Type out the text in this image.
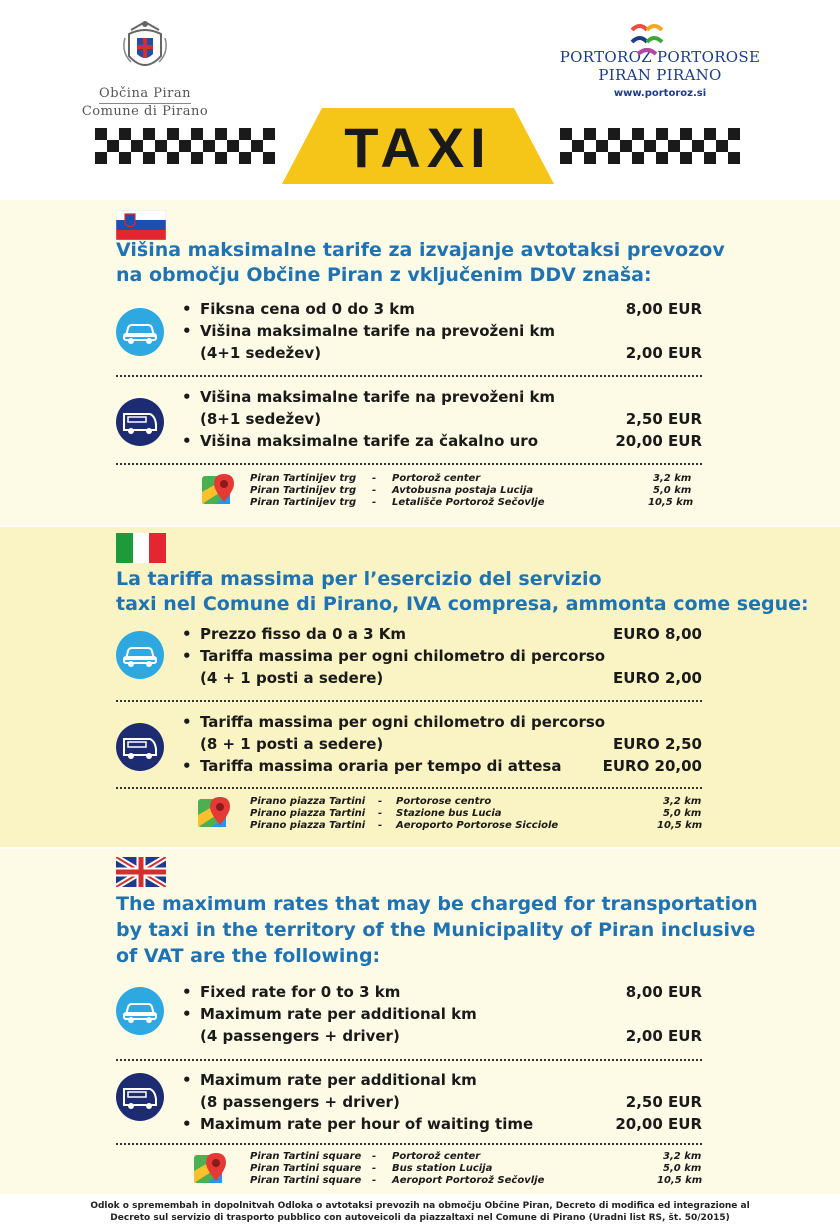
Občina Piran

Comune di Pirano
PORTOROŽ PORTOROSE
PIRAN PIRANO
www.portoroz.si
TAXI
Višina maksimalne tarife za izvajanje avtotaksi prevozov
na območju Občine Piran z vključenim DDV znaša:
• Fiksna cena od 0 do 3 km	8,00 EUR
• Višina maksimalne tarife na prevoženi km
(4+1 sedežev)	2,00 EUR
• Višina maksimalne tarife na prevoženi km
(8+1 sedežev)	2,50 EUR
• Višina maksimalne tarife za čakalno uro	20,00 EUR
Piran Tartinijev trg - Portorož center	3,2 km
Piran Tartinijev trg - Avtobusna postaja Lucija	5,0 km
Piran Tartinijev trg - Letališče Portorož Sečovlje	10,5 km
La tariffa massima per l’esercizio del servizio
taxi nel Comune di Pirano, IVA compresa, ammonta come segue:
• Prezzo fisso da 0 a 3 Km	EURO 8,00
• Tariffa massima per ogni chilometro di percorso
(4 + 1 posti a sedere)	EURO 2,00
• Tariffa massima per ogni chilometro di percorso
(8 + 1 posti a sedere)	EURO 2,50
• Tariffa massima oraria per tempo di attesa	EURO 20,00
Pirano piazza Tartini - Portorose centro	3,2 km
Pirano piazza Tartini - Stazione bus Lucia	5,0 km
Pirano piazza Tartini - Aeroporto Portorose Sicciole	10,5 km
The maximum rates that may be charged for transportation
by taxi in the territory of the Municipality of Piran inclusive
of VAT are the following:
• Fixed rate for 0 to 3 km	8,00 EUR
• Maximum rate per additional km
(4 passengers + driver)	2,00 EUR
• Maximum rate per additional km
(8 passengers + driver)	2,50 EUR
• Maximum rate per hour of waiting time	20,00 EUR
Piran Tartini square - Portorož center	3,2 km
Piran Tartini square - Bus station Lucija	5,0 km
Piran Tartini square - Aeroport Portorož Sečovlje	10,5 km
Odlok o spremembah in dopolnitvah Odloka o avtotaksi prevozih na območju Občine Piran, Decreto di modifica ed integrazione al
Decreto sul servizio di trasporto pubblico con autoveicoli da piazzaltaxi nel Comune di Pirano (Uradni list RS, št. 50/2015)
